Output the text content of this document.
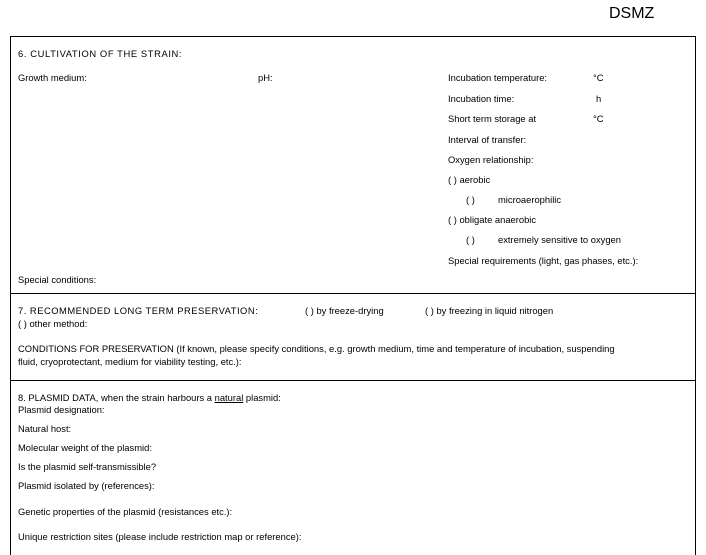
DSMZ
6. CULTIVATION OF THE STRAIN:
Growth medium:	pH:	Incubation temperature:	°C
Incubation time:	h
Short term storage at	°C
Interval of transfer:
Oxygen relationship:
( ) aerobic
( ) microaerophilic
( ) obligate anaerobic
( ) extremely sensitive to oxygen
Special requirements (light, gas phases, etc.):
Special conditions:
7. RECOMMENDED LONG TERM PRESERVATION:	( ) by freeze-drying	( ) by freezing in liquid nitrogen
( ) other method:
CONDITIONS FOR PRESERVATION (If known, please specify conditions, e.g. growth medium, time and temperature of incubation, suspending
fluid, cryoprotectant, medium for viability testing, etc.):
8. PLASMID DATA, when the strain harbours a natural plasmid:
Plasmid designation:
Natural host:
Molecular weight of the plasmid:
Is the plasmid self-transmissible?
Plasmid isolated by (references):
Genetic properties of the plasmid (resistances etc.):
Unique restriction sites (please include restriction map or reference):
